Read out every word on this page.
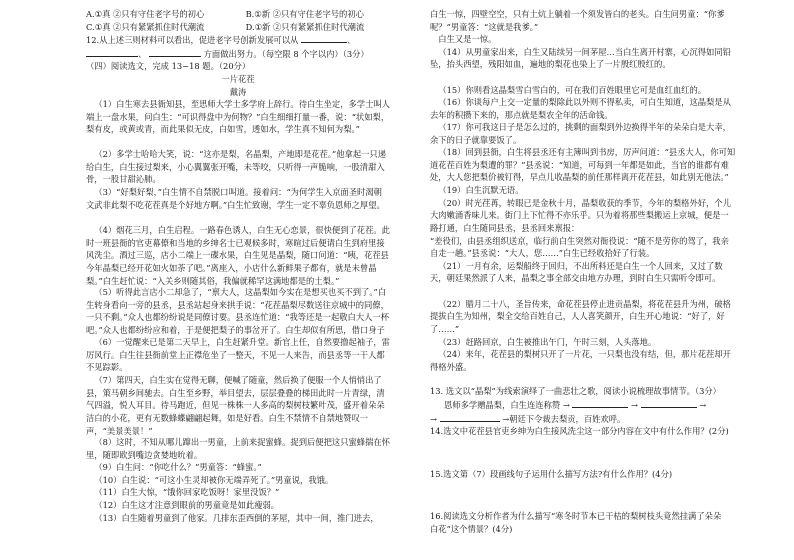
A.①真 ②只有守住老字号的初心	B.①新 ②只有守住老字号的初心
C.①真 ②只有紧紧抓住时代潮流	D.①新 ②只有紧紧抓住时代潮流
12.从上述三则材料可以看出，促进老字号创新发展可以从	、
、	方面做出努力。（每空限 8 个字以内）（3分）
（四）阅读选文，完成 13~18 题。（20分）
一片花茬
戴涛
（1）白生寒去县衙知县，至思师大学士多学府上辞行。待白生坐定，多学士叫人端上一盘水果，问白生：“可识得盘中为何物？”白生细细打量一番，说：“状如梨，梨有皮，或黄或青，而此果似无皮，白如雪，透如水，学生真不知何为梨。”
（2）多学士哈哈大笑，说：“这亦是梨，名晶梨，产地即是花茬。”他拿起一只递给白生，白生接过梨来，小心翼翼张开嘴，未等咬，只听得一声脆响，一股清甜入骨，一股甘甜沁肺。
（3）“好梨好梨，”白生情不自禁脱口叫道。接着问：“为何学生入京面圣时渴朝文武非此梨不吃花茬真是个好地方啊。”白生忙致谢，学生一定不辜负恩师之厚望。
（4）烟花三月，白生启程。一路春色诱人，白生无心恋景，很快便到了花茬。此时一班县衙的官吏幕僚和当地的乡绅名士已观候多时，寒暄过后便请白生到府里接风洗尘。酒过三巡，店小二端上一碟水果，白生见是晶梨，随口问道：“咦，花茬县今年晶梨已经开花如火如荼了吧。”离座入，小店什么新鲜果子都有，就是未曾晶梨。”白生赶忙说：“入关乡则随其俗，我偏就稀罕这满地都是的土梨。”
（5）听得此言店小二却急了，“禀大人，这晶梨如今实在是想买也买不到了。”白生转身看向一旁的县丞，县丞站起身来拱手说：“花茬晶梨尽数送往京城中的同僚，一只不剩。”众人也都纷纷说是同僚讨要。县丞连忙道：“我等还是一起敬白大人一杯吧。”众人也都纷纷应和着，于是便把梨子的事岔开了。白生却似有所思，借口身子
（6）一觉醒来已是第二天早上，白生赶紧升堂。新官上任，自然要撸起袖子，雷厉风行。白生往县衙前堂上正襟危坐了一整天，不见一人来告，而县丞等一干人都不见踪影。
（7）第四天，白生实在觉得无聊，便喊了随童，然后换了便服一个人悄悄出了县，策马朝乡间驰去。白生至乡野，举目望去，层层叠叠的梯田此时一片青绿，清气四溢，悦人耳目。待马跑近，但见一株株一人多高的梨树枝繁叶茂，盛开着朵朵洁白的小花，更有无数蜂蝶翩翩起舞，如是好看。白生不禁情不自禁地赞叹一声，“美景美景！”
（8）这时，不知从哪儿蹿出一男童，上前来捉蜜蜂。捉到后便把这只蜜蜂揣在怀里，随即欧到嘴边贪婪地吮着。
（9）白生问：“你吃什么？”男童答：“蜂蜜。”
（10）白生说：“可这小生灵却被你无端弄死了。”男童说，我饿。
（11）白生大惊，“饿你回家吃饭呀！家里没饭？”
（12）白生这才注意到眼前的男童竟是如此瘦弱。
（13）白生随着男童到了他家。几排东歪西倒的茅屋，其中一间，推门进去，
白生一惊，四壁空空，只有土炕上躺着一个须发皆白的老头。白生问男童：“你爹呢？”男童答：“这就是我爹。”
白生又是一惊。
（14）从男童家出来，白生又陆续另一间茅屋…当白生离开村寨，心沉得如同铅坠，抬头西望，残阳如血，遍地的梨花也染上了一片殷红殷红的。
（15）你则看这晶梨雪白雪白的，可在我们百姓眼里它可是血红血红的。
（16）你谈每户上交一定量的梨除此以外则不得私卖，可白生知道，这晶梨是从去年的积攒下来的，那点就是梨农全年的活命钱。
（17）你可我这日子是怎么过的，挑剩的面梨到外边换得半年的朵朵白是大幸，余下的日子就靠要饭了。
（18）回到县衙，白生将县丞还有主簿叫到书房，厉声问道：“县丞大人，你可知道花茬百姓为梨遭的罪？”县丞说：“知道，可每到一年都是如此，当官的谁都有难处，大人您把梨价被钉得，早点儿收晶梨的前任那样离开花茬县，如此别无他法。”
（19）白生沉默无语。
（20）时光荏苒，转眼已是金秋十月，晶梨收获的季节，今年的梨格外好，个儿大肉嫩涌香味儿来。街门上下忙得不亦乐乎。只为着将那些梨搬运上京城，便是一路打通，白生随同县丞，县丞回来禀报：
“差役们，由县丞组织送京，临行前白生突然对衙役说：“随不是劳你的驾了，我亲自走一趟。”县丞说：“大人，您……”白生已经收拾好了行装。
（21）一月有余，运梨船终于回归，不出所料还是白生一个人回来，又过了数天，朝廷果然派了人来，晶梨之事全部交由地方办理，到时白生只需听令即可。
（22）腊月二十八，圣旨传来，命花茬县停止进贡晶梨，将花茬县升为州，破格提拔白生为知州，梨全交给百姓自己，人人喜笑颜开，白生开心地说：“好了，好了……”
（23）赶路回京，白生被推出午门，午时三刻，人头落地。
（24）来年，花茬县的梨树只开了一片花，一只梨也没有结，但，那片花茬却开得格外盛。
13. 选文以“晶梨”为线索演绎了一曲悲壮之歌，阅读小说梳理故事情节。（3分）
恩师多学赠晶梨，白生连连称赞 →	→	→
→	→朝廷下令裁去梨贡，百姓欢呼。
14.选文中花茬县官吏乡绅为白生接风洗尘这一部分内容在文中有什么作用？(2分)
15.选文第（7）段画线句子运用什么描写方法?有什么作用？(4分)
16.阅读选文分析作者为什么描写“寒冬时节本已干枯的梨树枝头竟然挂满了朵朵
白花”这个情景？(4分)
